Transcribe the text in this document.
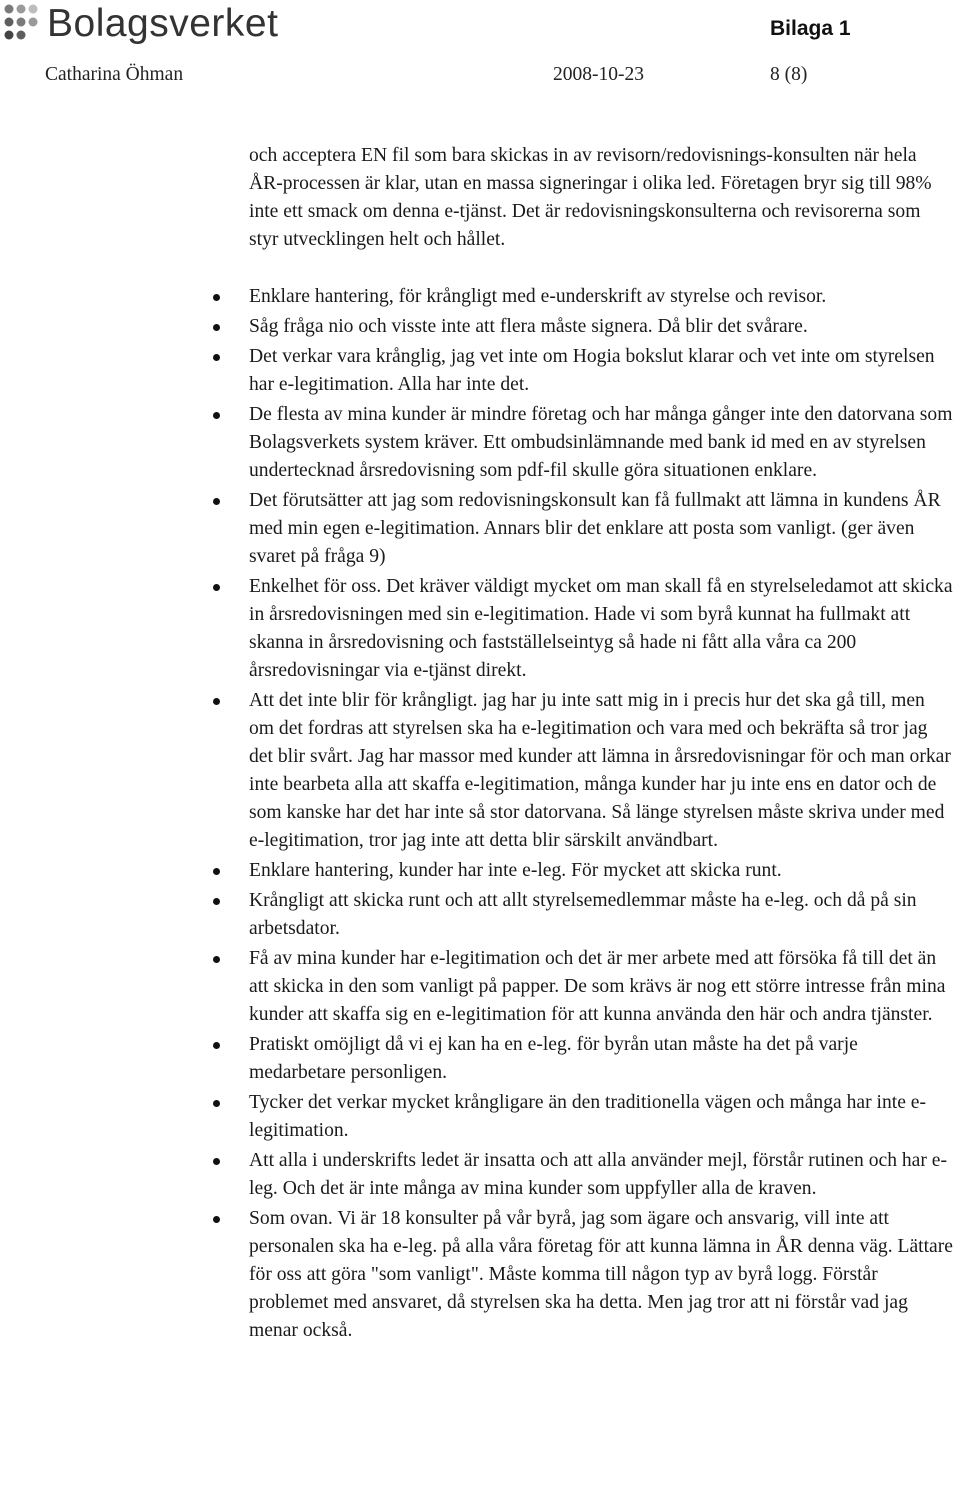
Bolagsverket	Bilaga 1
Catharina Öhman	2008-10-23	8 (8)

och acceptera EN fil som bara skickas in av revisorn/redovisnings-konsulten när hela ÅR-processen är klar, utan en massa signeringar i olika led. Företagen bryr sig till 98% inte ett smack om denna e-tjänst. Det är redovisningskonsulterna och revisorerna som styr utvecklingen helt och hållet.

Enklare hantering, för krångligt med e-underskrift av styrelse och revisor.
Såg fråga nio och visste inte att flera måste signera. Då blir det svårare.
Det verkar vara krånglig, jag vet inte om Hogia bokslut klarar och vet inte om styrelsen har e-legitimation. Alla har inte det.
De flesta av mina kunder är mindre företag och har många gånger inte den datorvana som Bolagsverkets system kräver. Ett ombudsinlämnande med bank id med en av styrelsen undertecknad årsredovisning som pdf-fil skulle göra situationen enklare.
Det förutsätter att jag som redovisningskonsult kan få fullmakt att lämna in kundens ÅR med min egen e-legitimation. Annars blir det enklare att posta som vanligt. (ger även svaret på fråga 9)
Enkelhet för oss. Det kräver väldigt mycket om man skall få en styrelseledamot att skicka in årsredovisningen med sin e-legitimation. Hade vi som byrå kunnat ha fullmakt att skanna in årsredovisning och fastställelseintyg så hade ni fått alla våra ca 200 årsredovisningar via e-tjänst direkt.
Att det inte blir för krångligt. jag har ju inte satt mig in i precis hur det ska gå till, men om det fordras att styrelsen ska ha e-legitimation och vara med och bekräfta så tror jag det blir svårt. Jag har massor med kunder att lämna in årsredovisningar för och man orkar inte bearbeta alla att skaffa e-legitimation, många kunder har ju inte ens en dator och de som kanske har det har inte så stor datorvana. Så länge styrelsen måste skriva under med e-legitimation, tror jag inte att detta blir särskilt användbart.
Enklare hantering, kunder har inte e-leg. För mycket att skicka runt.
Krångligt att skicka runt och att allt styrelsemedlemmar måste ha e-leg. och då på sin arbetsdator.
Få av mina kunder har e-legitimation och det är mer arbete med att försöka få till det än att skicka in den som vanligt på papper. De som krävs är nog ett större intresse från mina kunder att skaffa sig en e-legitimation för att kunna använda den här och andra tjänster.
Pratiskt omöjligt då vi ej kan ha en e-leg. för byrån utan måste ha det på varje medarbetare personligen.
Tycker det verkar mycket krångligare än den traditionella vägen och många har inte e-legitimation.
Att alla i underskrifts ledet är insatta och att alla använder mejl, förstår rutinen och har e-leg. Och det är inte många av mina kunder som uppfyller alla de kraven.
Som ovan. Vi är 18 konsulter på vår byrå, jag som ägare och ansvarig, vill inte att personalen ska ha e-leg. på alla våra företag för att kunna lämna in ÅR denna väg. Lättare för oss att göra "som vanligt". Måste komma till någon typ av byrå logg. Förstår problemet med ansvaret, då styrelsen ska ha detta. Men jag tror att ni förstår vad jag menar också.
